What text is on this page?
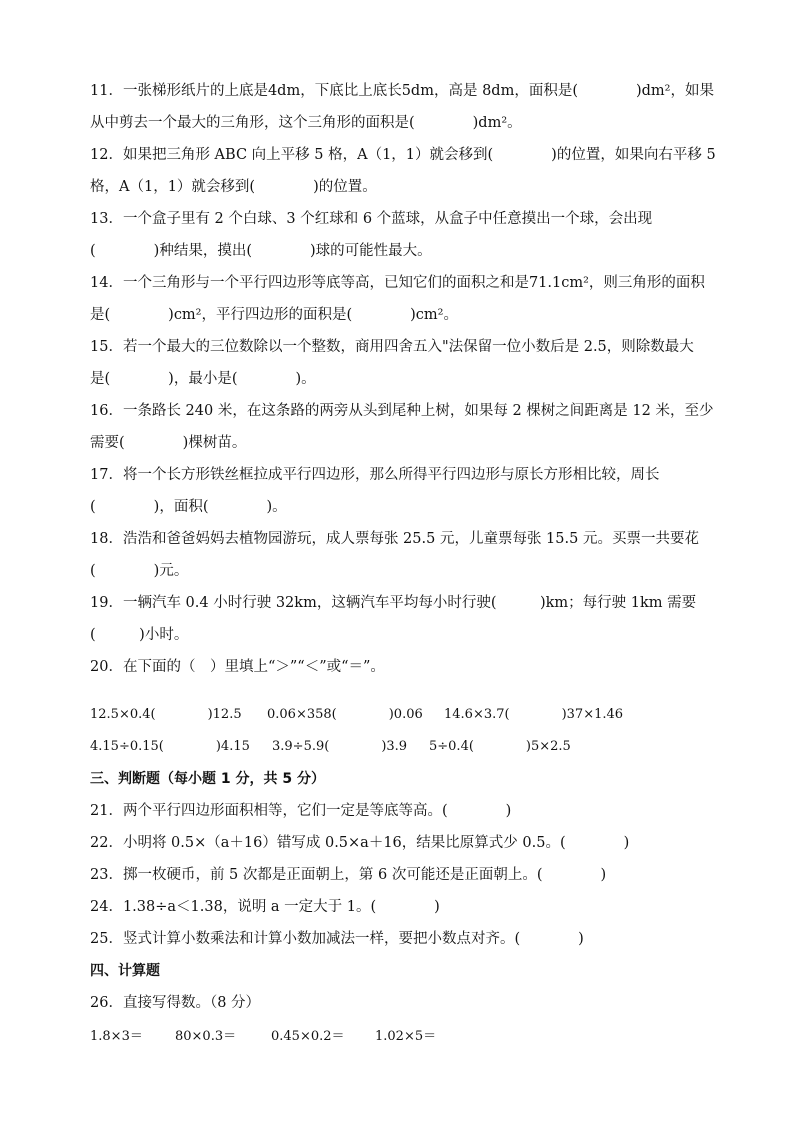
11．一张梯形纸片的上底是4dm，下底比上底长5dm，高是 8dm，面积是(　　　　)dm²，如果
从中剪去一个最大的三角形，这个三角形的面积是(　　　　)dm²。
12．如果把三角形 ABC 向上平移 5 格，A（1，1）就会移到(　　　　)的位置，如果向右平移 5
格，A（1，1）就会移到(　　　　)的位置。
13．一个盒子里有 2 个白球、3 个红球和 6 个蓝球，从盒子中任意摸出一个球，会出现
(　　　　)种结果，摸出(　　　　)球的可能性最大。
14．一个三角形与一个平行四边形等底等高，已知它们的面积之和是71.1cm²，则三角形的面积
是(　　　　)cm²，平行四边形的面积是(　　　　)cm²。
15．若一个最大的三位数除以一个整数，商用四舍五入"法保留一位小数后是 2.5，则除数最大
是(　　　　)，最小是(　　　　)。
16．一条路长 240 米，在这条路的两旁从头到尾种上树，如果每 2 棵树之间距离是 12 米，至少
需要(　　　　)棵树苗。
17．将一个长方形铁丝框拉成平行四边形，那么所得平行四边形与原长方形相比较，周长
(　　　　)，面积(　　　　)。
18．浩浩和爸爸妈妈去植物园游玩，成人票每张 25.5 元，儿童票每张 15.5 元。买票一共要花
(　　　　)元。
19．一辆汽车 0.4 小时行驶 32km，这辆汽车平均每小时行驶(　　　)km；每行驶 1km 需要
(　　　)小时。
20．在下面的（　）里填上“＞”“＜”或“＝”。
12.5×0.4(　　　　)12.5 0.06×358(　　　　)0.06 14.6×3.7(　　　　)37×1.46
4.15÷0.15(　　　　)4.15 3.9÷5.9(　　　　)3.9 5÷0.4(　　　　)5×2.5
三、判断题（每小题 1 分，共 5 分）
21．两个平行四边形面积相等，它们一定是等底等高。(　　　　)
22．小明将 0.5×（a＋16）错写成 0.5×a＋16，结果比原算式少 0.5。(　　　　)
23．掷一枚硬币，前 5 次都是正面朝上，第 6 次可能还是正面朝上。(　　　　)
24．1.38÷a＜1.38，说明 a 一定大于 1。(　　　　)
25．竖式计算小数乘法和计算小数加减法一样，要把小数点对齐。(　　　　)
四、计算题
26．直接写得数。（8 分）
1.8×3＝ 80×0.3＝	0.45×0.2＝ 1.02×5＝
